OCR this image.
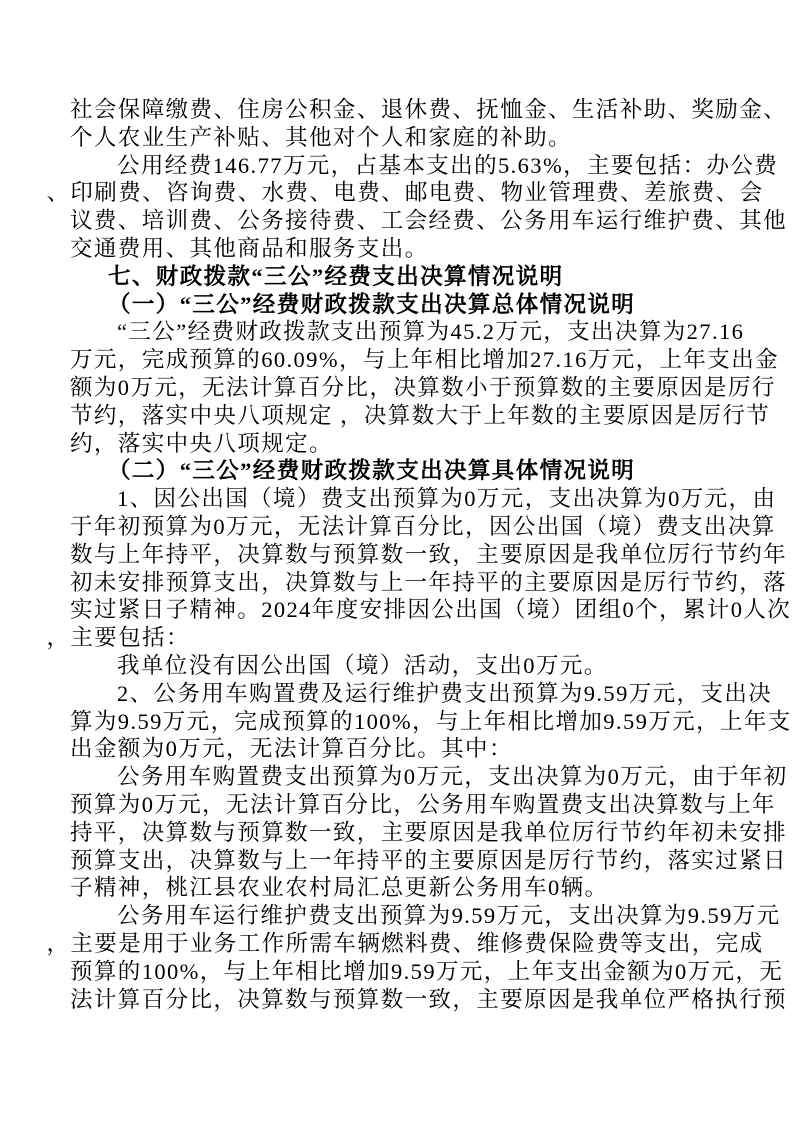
社会保障缴费、住房公积金、退休费、抚恤金、生活补助、奖励金、
个人农业生产补贴、其他对个人和家庭的补助。
公用经费146.77万元，占基本支出的5.63%，主要包括：办公费
、印刷费、咨询费、水费、电费、邮电费、物业管理费、差旅费、会
议费、培训费、公务接待费、工会经费、公务用车运行维护费、其他
交通费用、其他商品和服务支出。
七、财政拨款“三公”经费支出决算情况说明
（一）“三公”经费财政拨款支出决算总体情况说明
“三公”经费财政拨款支出预算为45.2万元，支出决算为27.16
万元，完成预算的60.09%，与上年相比增加27.16万元，上年支出金
额为0万元，无法计算百分比，决算数小于预算数的主要原因是厉行
节约，落实中央八项规定 ，决算数大于上年数的主要原因是厉行节
约，落实中央八项规定。
（二）“三公”经费财政拨款支出决算具体情况说明
1、因公出国（境）费支出预算为0万元，支出决算为0万元，由
于年初预算为0万元，无法计算百分比，因公出国（境）费支出决算
数与上年持平，决算数与预算数一致，主要原因是我单位厉行节约年
初未安排预算支出，决算数与上一年持平的主要原因是厉行节约，落
实过紧日子精神。2024年度安排因公出国（境）团组0个，累计0人次
，主要包括：
我单位没有因公出国（境）活动，支出0万元。
2、公务用车购置费及运行维护费支出预算为9.59万元，支出决
算为9.59万元，完成预算的100%，与上年相比增加9.59万元，上年支
出金额为0万元，无法计算百分比。其中：
公务用车购置费支出预算为0万元，支出决算为0万元，由于年初
预算为0万元，无法计算百分比，公务用车购置费支出决算数与上年
持平，决算数与预算数一致，主要原因是我单位厉行节约年初未安排
预算支出，决算数与上一年持平的主要原因是厉行节约，落实过紧日
子精神，桃江县农业农村局汇总更新公务用车0辆。
公务用车运行维护费支出预算为9.59万元，支出决算为9.59万元
，主要是用于业务工作所需车辆燃料费、维修费保险费等支出，完成
预算的100%，与上年相比增加9.59万元，上年支出金额为0万元，无
法计算百分比，决算数与预算数一致，主要原因是我单位严格执行预
